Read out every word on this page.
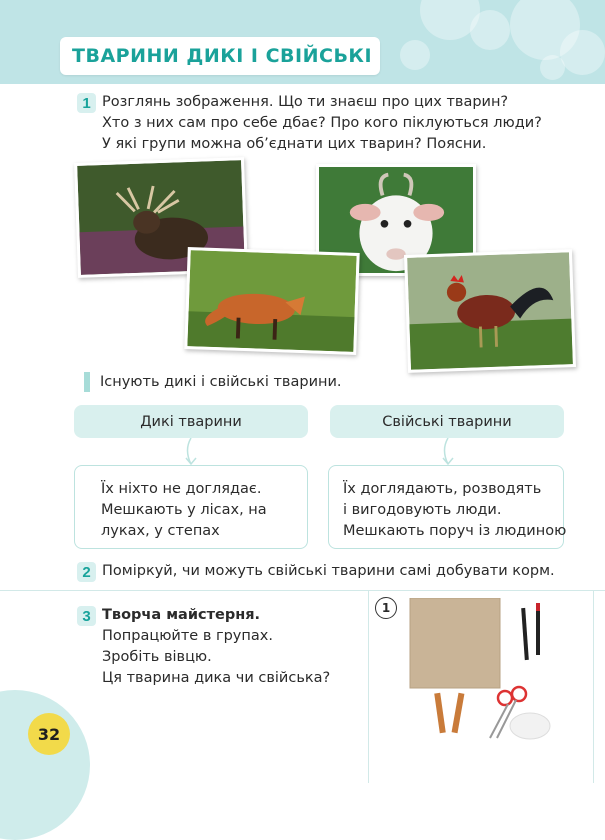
ТВАРИНИ ДИКІ І СВІЙСЬКІ
1 Розглянь зображення. Що ти знаєш про цих тварин?
Хто з них сам про себе дбає? Про кого піклуються люди?
У які групи можна об’єднати цих тварин? Поясни.
Існують дикі і свійські тварини.
Дикі тварини	Свійські тварини
Їх ніхто не доглядає.
Мешкають у лісах, на
луках, у степах
Їх доглядають, розводять
і вигодовують люди.
Мешкають поруч із людиною
2 Поміркуй, чи можуть свійські тварини самі добувати корм.
3 Творча майстерня.
Попрацюйте в групах.
Зробіть вівцю.
Ця тварина дика чи свійська?
1
32
